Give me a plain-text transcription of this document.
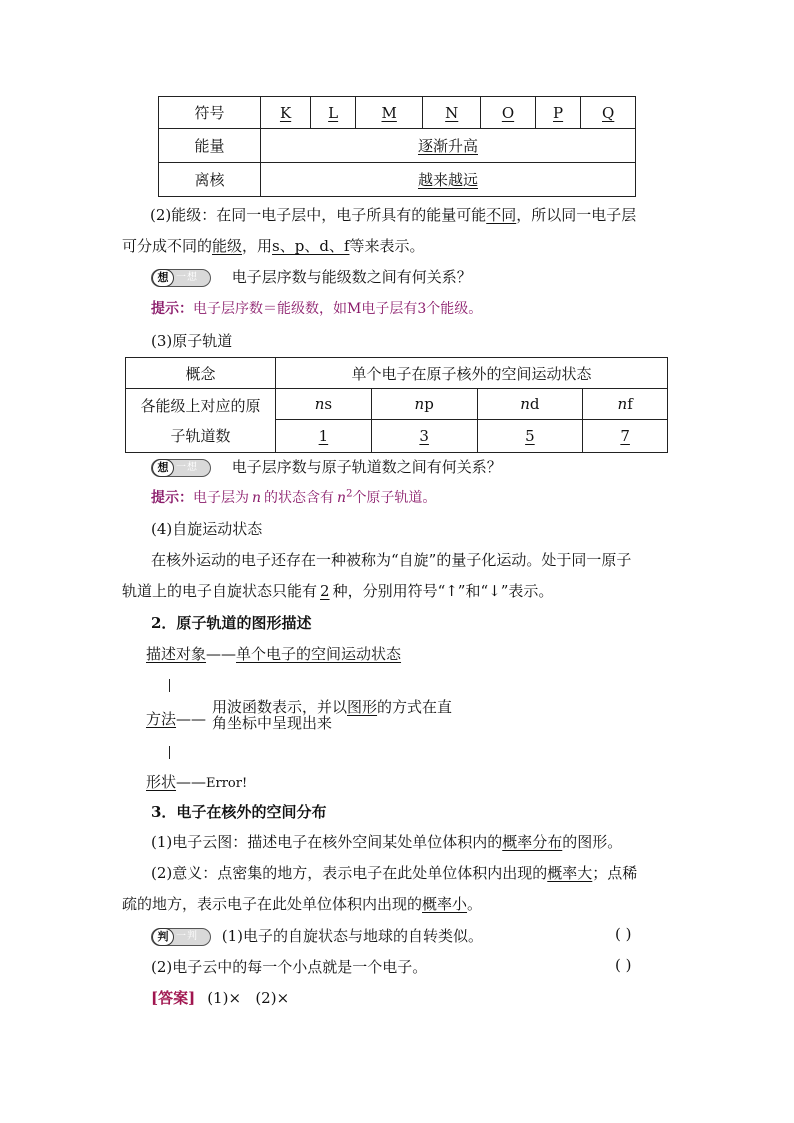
符号	K	L	M	N	O	P	Q
能量	逐渐升高						
离核	越来越远						
(2)能级：在同一电子层中，电子所具有的能量可能不同，所以同一电子层
可分成不同的能级，用s、p、d、f等来表示。
想 一想 电子层序数与能级数之间有何关系？
提示：电子层序数＝能级数，如M电子层有3个能级。
(3)原子轨道
概念	单个电子在原子核外的空间运动状态			
各能级上对应的原
子轨道数	ns	np	nd	nf
	1	3	5	7
想 一想 电子层序数与原子轨道数之间有何关系？
提示：电子层为 n 的状态含有 $n^2$个原子轨道。
(4)自旋运动状态
在核外运动的电子还存在一种被称为“自旋”的量子化运动。处于同一原子
轨道上的电子自旋状态只能有 2 种，分别用符号“↑”和“↓”表示。
2．原子轨道的图形描述
描述对象——单个电子的空间运动状态
方法——
用波函数表示，并以图形的方式在直
角坐标中呈现出来
形状——Error!
3．电子在核外的空间分布
(1)电子云图：描述电子在核外空间某处单位体积内的概率分布的图形。
(2)意义：点密集的地方，表示电子在此处单位体积内出现的概率大；点稀
疏的地方，表示电子在此处单位体积内出现的概率小。
判 一判 (1)电子的自旋状态与地球的自转类似。	( )
(2)电子云中的每一个小点就是一个电子。	( )
[答案] (1)×   (2)×
